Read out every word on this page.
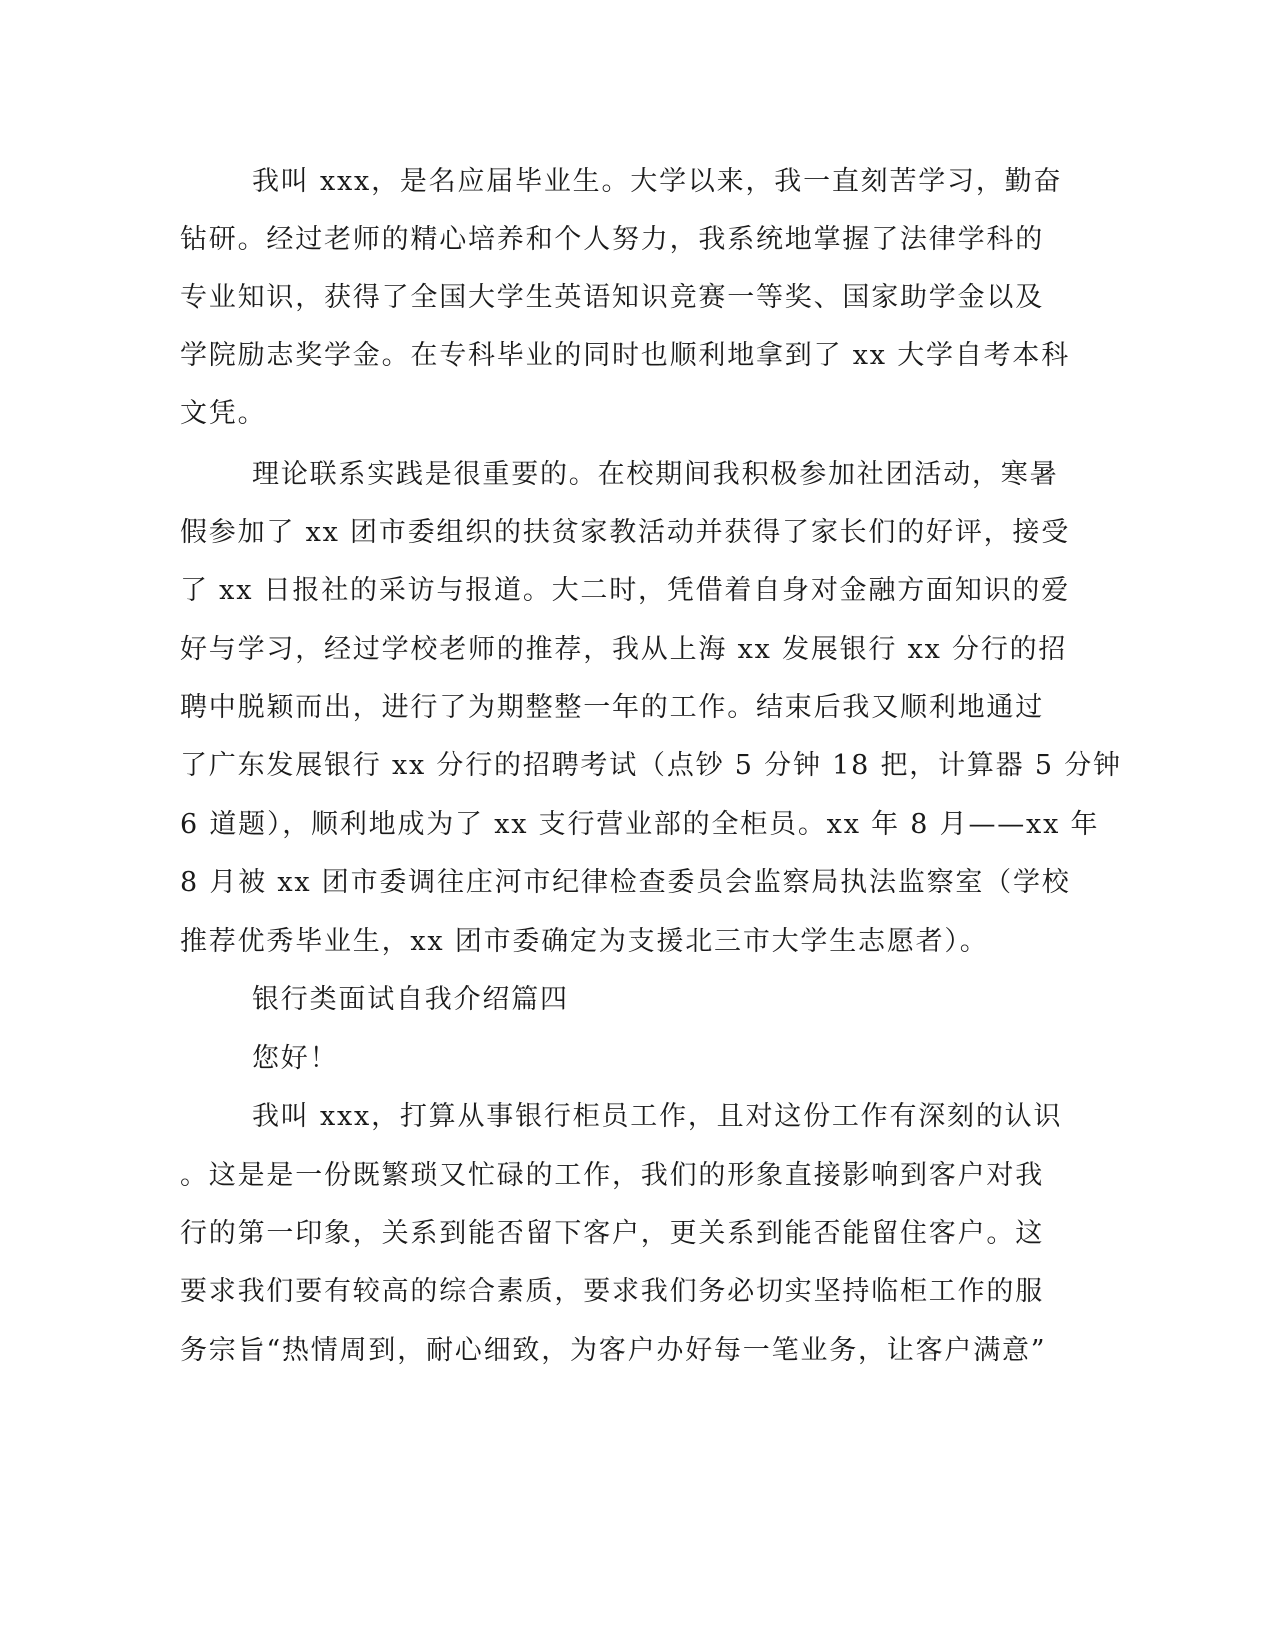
我叫 xxx，是名应届毕业生。大学以来，我一直刻苦学习，勤奋
钻研。经过老师的精心培养和个人努力，我系统地掌握了法律学科的
专业知识，获得了全国大学生英语知识竞赛一等奖、国家助学金以及
学院励志奖学金。在专科毕业的同时也顺利地拿到了 xx 大学自考本科
文凭。
理论联系实践是很重要的。在校期间我积极参加社团活动，寒暑
假参加了 xx 团市委组织的扶贫家教活动并获得了家长们的好评，接受
了 xx 日报社的采访与报道。大二时，凭借着自身对金融方面知识的爱
好与学习，经过学校老师的推荐，我从上海 xx 发展银行 xx 分行的招
聘中脱颖而出，进行了为期整整一年的工作。结束后我又顺利地通过
了广东发展银行 xx 分行的招聘考试（点钞 5 分钟 18 把，计算器 5 分钟
6 道题），顺利地成为了 xx 支行营业部的全柜员。xx 年 8 月——xx 年
8 月被 xx 团市委调往庄河市纪律检查委员会监察局执法监察室（学校
推荐优秀毕业生，xx 团市委确定为支援北三市大学生志愿者）。
银行类面试自我介绍篇四
您好！
我叫 xxx，打算从事银行柜员工作，且对这份工作有深刻的认识
。这是是一份既繁琐又忙碌的工作，我们的形象直接影响到客户对我
行的第一印象，关系到能否留下客户，更关系到能否能留住客户。这
要求我们要有较高的综合素质，要求我们务必切实坚持临柜工作的服
务宗旨“热情周到，耐心细致，为客户办好每一笔业务，让客户满意”
